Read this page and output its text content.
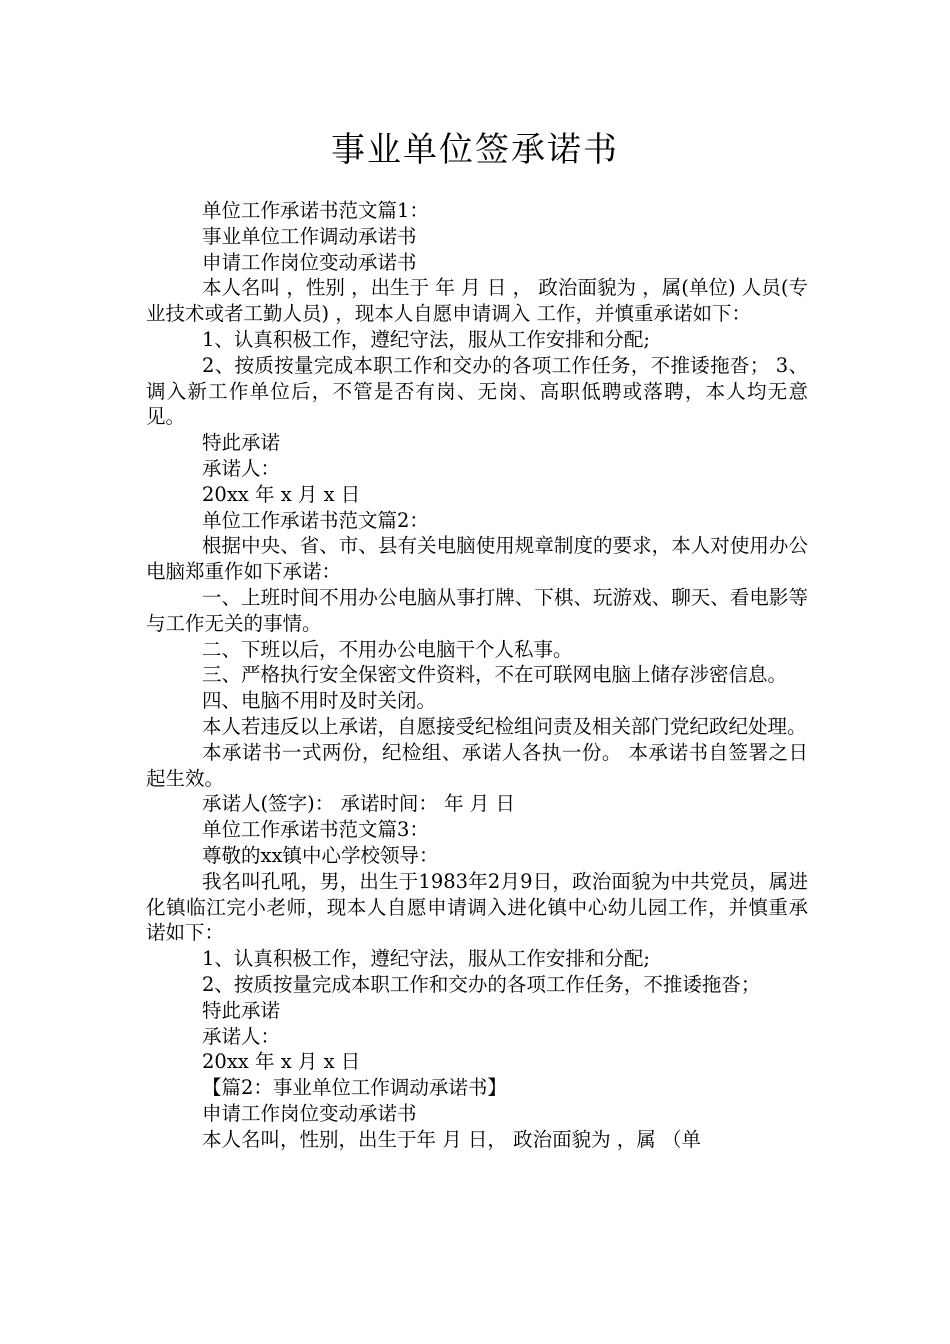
事业单位签承诺书

单位工作承诺书范文篇1：

事业单位工作调动承诺书

申请工作岗位变动承诺书

本人名叫 ，性别 ，出生于 年 月 日 ， 政治面貌为 ，属(单位) 人员(专业技术或者工勤人员) ，现本人自愿申请调入 工作，并慎重承诺如下：

1、认真积极工作，遵纪守法，服从工作安排和分配;

2、按质按量完成本职工作和交办的各项工作任务，不推诿拖沓； 3、调入新工作单位后，不管是否有岗、无岗、高职低聘或落聘，本人均无意见。

特此承诺

承诺人：

20xx 年 x 月 x 日

单位工作承诺书范文篇2：

根据中央、省、市、县有关电脑使用规章制度的要求，本人对使用办公电脑郑重作如下承诺：

一、上班时间不用办公电脑从事打牌、下棋、玩游戏、聊天、看电影等与工作无关的事情。

二、下班以后，不用办公电脑干个人私事。

三、严格执行安全保密文件资料，不在可联网电脑上储存涉密信息。

四、电脑不用时及时关闭。

本人若违反以上承诺，自愿接受纪检组问责及相关部门党纪政纪处理。

本承诺书一式两份，纪检组、承诺人各执一份。 本承诺书自签署之日起生效。

承诺人(签字)： 承诺时间： 年 月 日

单位工作承诺书范文篇3：

尊敬的xx镇中心学校领导：

我名叫孔吼，男，出生于1983年2月9日，政治面貌为中共党员，属进化镇临江完小老师，现本人自愿申请调入进化镇中心幼儿园工作，并慎重承诺如下：

1、认真积极工作，遵纪守法，服从工作安排和分配;

2、按质按量完成本职工作和交办的各项工作任务，不推诿拖沓；

特此承诺

承诺人：

20xx 年 x 月 x 日

【篇2：事业单位工作调动承诺书】

申请工作岗位变动承诺书

本人名叫，性别，出生于年 月 日， 政治面貌为 ，属 （单
